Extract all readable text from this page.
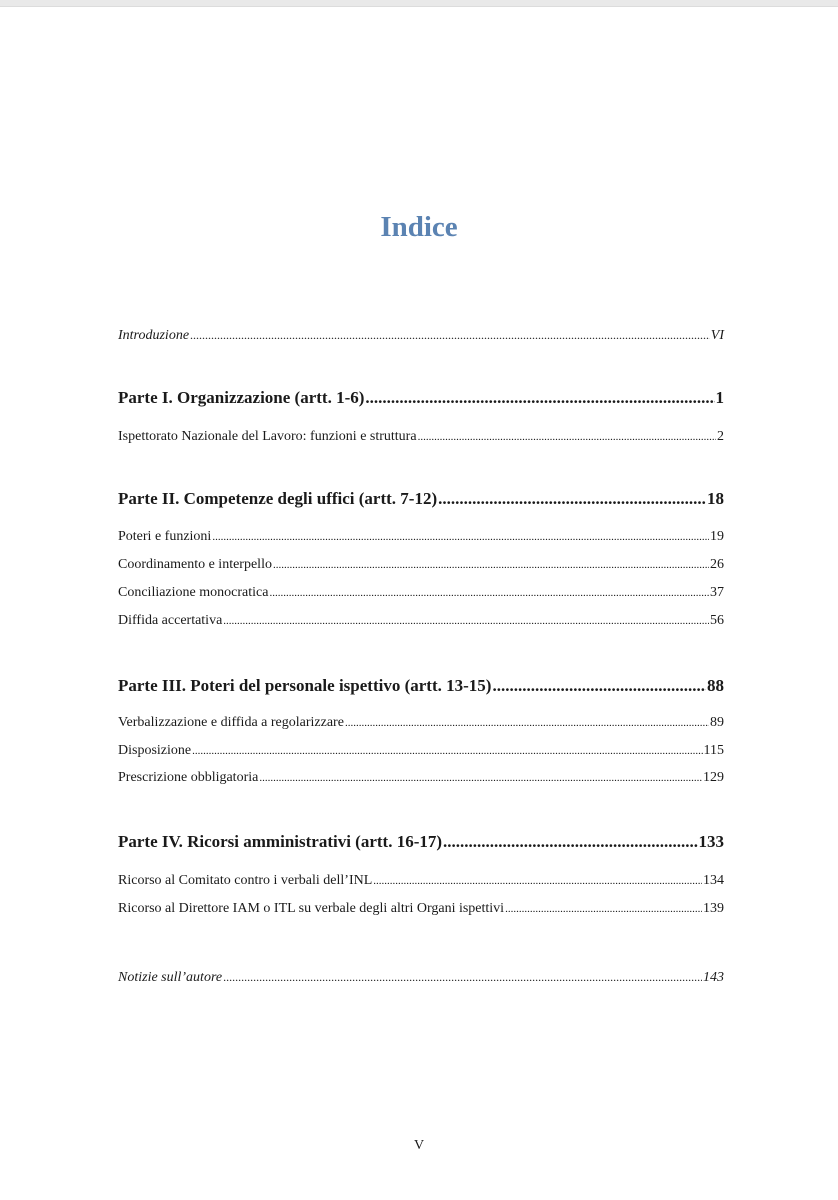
Indice
Introduzione .....	VI
Parte I. Organizzazione (artt. 1-6) .....	1
Ispettorato Nazionale del Lavoro: funzioni e struttura .....	2
Parte II. Competenze degli uffici (artt. 7-12) .....	18
Poteri e funzioni .....	19
Coordinamento e interpello .....	26
Conciliazione monocratica .....	37
Diffida accertativa .....	56
Parte III. Poteri del personale ispettivo (artt. 13-15) .....	88
Verbalizzazione e diffida a regolarizzare .....	89
Disposizione .....	115
Prescrizione obbligatoria .....	129
Parte IV. Ricorsi amministrativi (artt. 16-17) .....	133
Ricorso al Comitato contro i verbali dell’INL .....	134
Ricorso al Direttore IAM o ITL su verbale degli altri Organi ispettivi .....	139
Notizie sull’autore .....	143
V
